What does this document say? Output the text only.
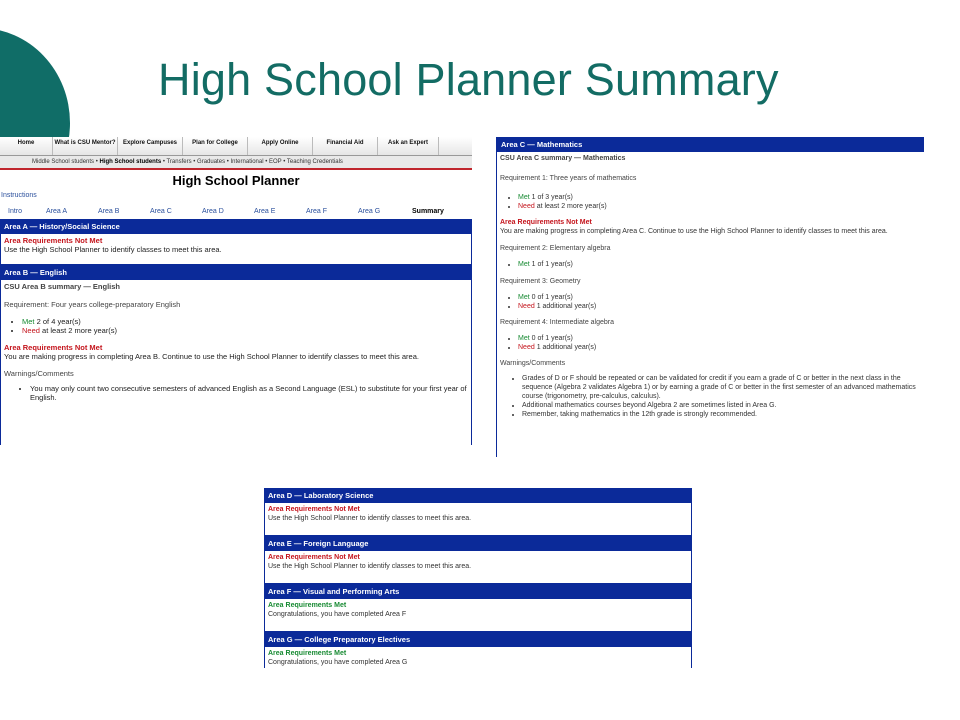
High School Planner Summary
Home	What is CSU Mentor?	Explore Campuses	Plan for College	Apply Online	Financial Aid	Ask an Expert
Middle School students • High School students • Transfers • Graduates • International • EOP • Teaching Credentials
High School Planner
Instructions
Intro	Area A	Area B	Area C	Area D	Area E	Area F	Area G	Summary
Area A — History/Social Science

Area Requirements Not Met

Use the High School Planner to identify classes to meet this area.

Area B — English

CSU Area B summary — English

Requirement: Four years college-preparatory English

• Met 2 of 4 year(s)
• Need at least 2 more year(s)

Area Requirements Not Met

You are making progress in completing Area B. Continue to use the High School Planner to identify classes to meet this area.

Warnings/Comments

• You may only count two consecutive semesters of advanced English as a Second Language (ESL) to substitute for your first year of English.
Area C — Mathematics

CSU Area C summary — Mathematics

Requirement 1: Three years of mathematics

• Met 1 of 3 year(s)
• Need at least 2 more year(s)

Area Requirements Not Met

You are making progress in completing Area C. Continue to use the High School Planner to identify classes to meet this area.

Requirement 2: Elementary algebra

• Met 1 of 1 year(s)

Requirement 3: Geometry

• Met 0 of 1 year(s)
• Need 1 additional year(s)

Requirement 4: Intermediate algebra

• Met 0 of 1 year(s)
• Need 1 additional year(s)

Warnings/Comments

• Grades of D or F should be repeated or can be validated for credit if you earn a grade of C or better in the next class in the sequence (Algebra 2 validates Algebra 1) or by earning a grade of C or better in the first semester of an advanced mathematics course (trigonometry, pre-calculus, calculus).
• Additional mathematics courses beyond Algebra 2 are sometimes listed in Area G.
• Remember, taking mathematics in the 12th grade is strongly recommended.
Area D — Laboratory Science

Area Requirements Not Met

Use the High School Planner to identify classes to meet this area.

Area E — Foreign Language

Area Requirements Not Met

Use the High School Planner to identify classes to meet this area.

Area F — Visual and Performing Arts

Area Requirements Met

Congratulations, you have completed Area F

Area G — College Preparatory Electives

Area Requirements Met

Congratulations, you have completed Area G
